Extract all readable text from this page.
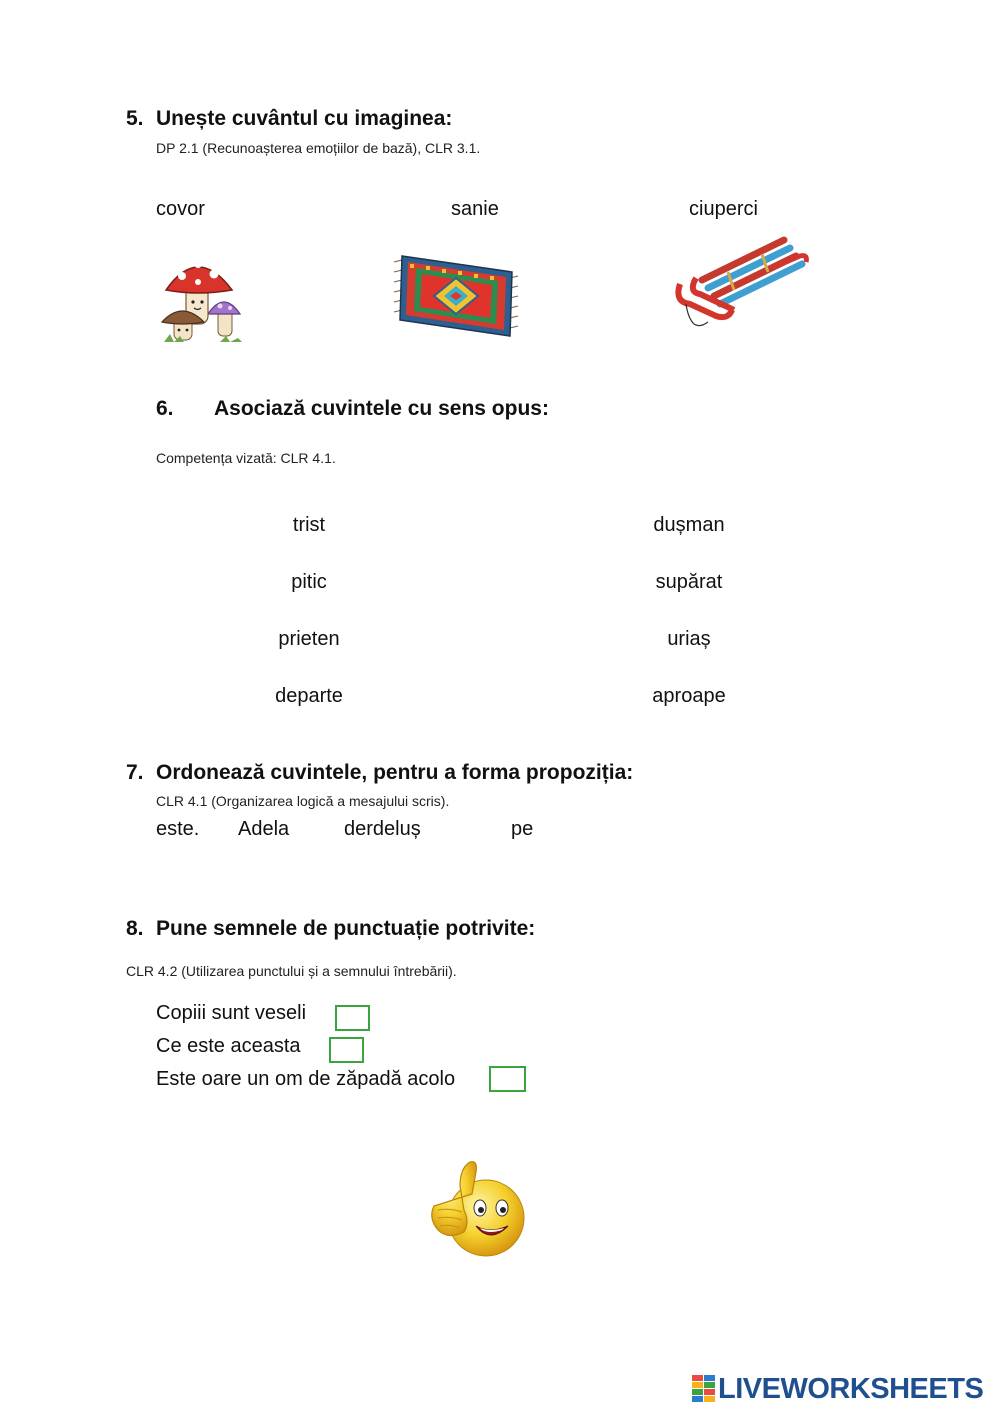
5. Unește cuvântul cu imaginea:
DP 2.1 (Recunoașterea emoțiilor de bază), CLR 3.1.
covor	sanie	ciuperci
6. Asociază cuvintele cu sens opus:
Competența vizată: CLR 4.1.
trist
pitic
prieten
departe
dușman
supărat
uriaș
aproape
7. Ordonează cuvintele, pentru a forma propoziția:
CLR 4.1 (Organizarea logică a mesajului scris).
este. Adela	derdeluș	pe
8. Pune semnele de punctuație potrivite:
CLR 4.2 (Utilizarea punctului și a semnului întrebării).
Copiii sunt veseli
Ce este aceasta
Este oare un om de zăpadă acolo
LIVEWORKSHEETS
